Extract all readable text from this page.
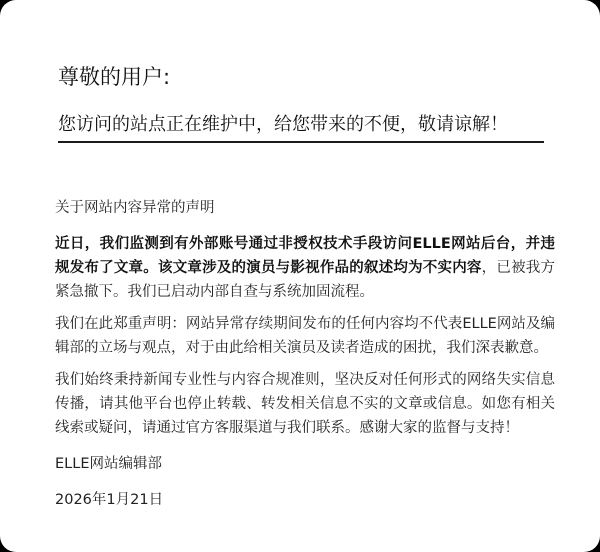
尊敬的用户:
您访问的站点正在维护中，给您带来的不便，敬请谅解！
关于网站内容异常的声明

近日，我们监测到有外部账号通过非授权技术手段访问ELLE网站后台，并违规发布了文章。该文章涉及的演员与影视作品的叙述均为不实内容，已被我方紧急撤下。我们已启动内部自查与系统加固流程。

我们在此郑重声明：网站异常存续期间发布的任何内容均不代表ELLE网站及编辑部的立场与观点，对于由此给相关演员及读者造成的困扰，我们深表歉意。

我们始终秉持新闻专业性与内容合规准则，坚决反对任何形式的网络失实信息传播，请其他平台也停止转载、转发相关信息不实的文章或信息。如您有相关线索或疑问，请通过官方客服渠道与我们联系。感谢大家的监督与支持！

ELLE网站编辑部
2026年1月21日
